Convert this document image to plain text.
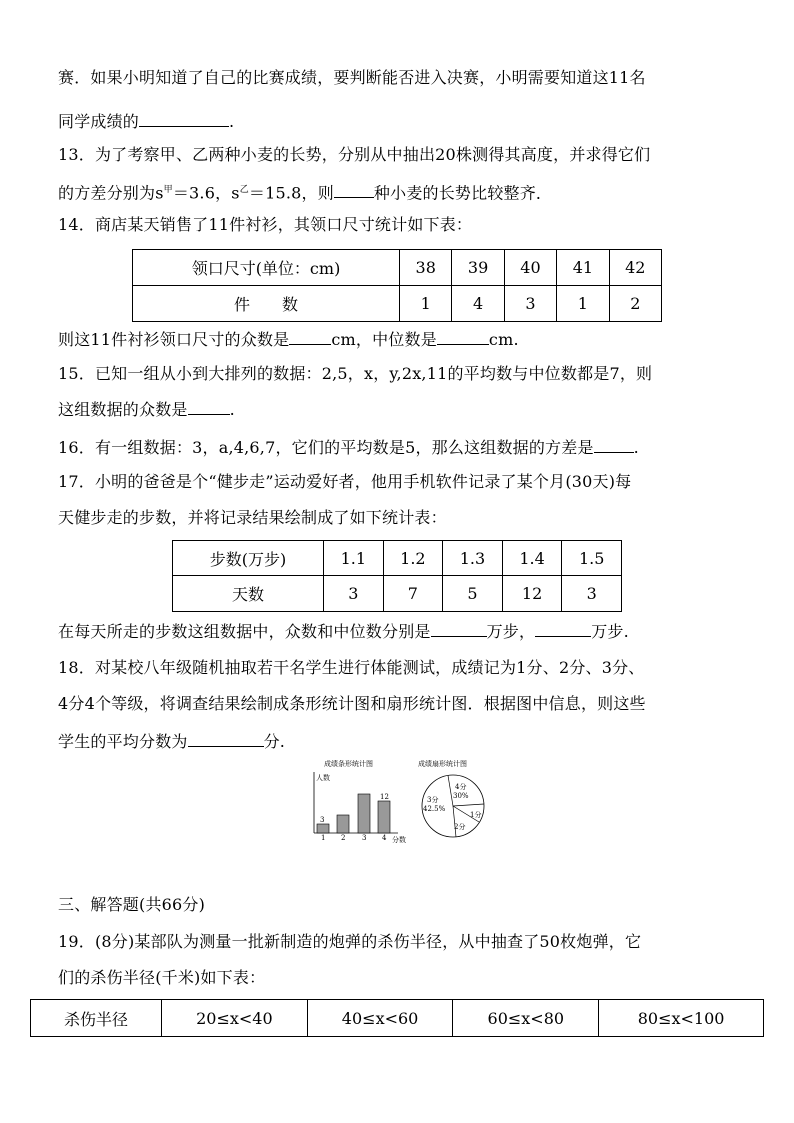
赛．如果小明知道了自己的比赛成绩，要判断能否进入决赛，小明需要知道这11名
同学成绩的	.
13．为了考察甲、乙两种小麦的长势，分别从中抽出20株测得其高度，并求得它们
的方差分别为$s^甲=3.6$，$s^乙=15.8$，则	种小麦的长势比较整齐．
14．商店某天销售了11件衬衫，其领口尺寸统计如下表：
领口尺寸(单位：cm)	38	39	40	41	42
件　　数	1	4	3	1	2
则这11件衬衫领口尺寸的众数是	cm，中位数是	cm.
15．已知一组从小到大排列的数据：2,5，x，y,2x,11的平均数与中位数都是7，则
这组数据的众数是	.
16．有一组数据：3，a,4,6,7，它们的平均数是5，那么这组数据的方差是	.
17．小明的爸爸是个“健步走”运动爱好者，他用手机软件记录了某个月(30天)每
天健步走的步数，并将记录结果绘制成了如下统计表：
步数(万步)	1.1	1.2	1.3	1.4	1.5
天数	3	7	5	12	3
在每天所走的步数这组数据中，众数和中位数分别是	万步，	万步.
18．对某校八年级随机抽取若干名学生进行体能测试，成绩记为1分、2分、3分、
4分4个等级，将调查结果绘制成条形统计图和扇形统计图．根据图中信息，则这些
学生的平均分数为	分.
成绩条形统计图
人数
分数
3
12
1 2 3 4
成绩扇形统计图
4分
30%
3分
42.5%
1分
2分
三、解答题(共66分)
19．(8分)某部队为测量一批新制造的炮弹的杀伤半径，从中抽查了50枚炮弹，它
们的杀伤半径(千米)如下表：
杀伤半径	20≤x<40	40≤x<60	60≤x<80	80≤x<100
